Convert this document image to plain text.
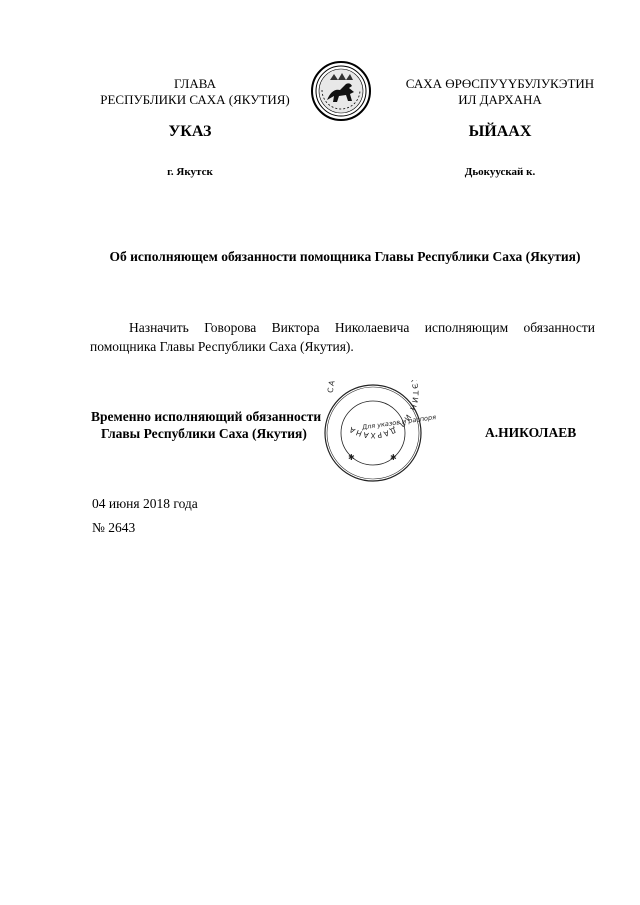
ГЛАВА
РЕСПУБЛИКИ САХА (ЯКУТИЯ)
САХА ӨРӨСПУҮҮБУЛУКЭТИН
ИЛ ДАРХАНА
УКАЗ	ЫЙААХ
г. Якутск	Дьокуускай к.
Об исполняющем обязанности помощника Главы Республики Саха (Якутия)
Назначить Говорова Виктора Николаевича исполняющим обязанности помощника Главы Республики Саха (Якутия).
СА ЭТИН ИЛ ДАРХАНА Для указов и распоряжений
✱	✱
Временно исполняющий обязанности
Главы Республики Саха (Якутия)	А.НИКОЛАЕВ
04 июня 2018 года
№ 2643
